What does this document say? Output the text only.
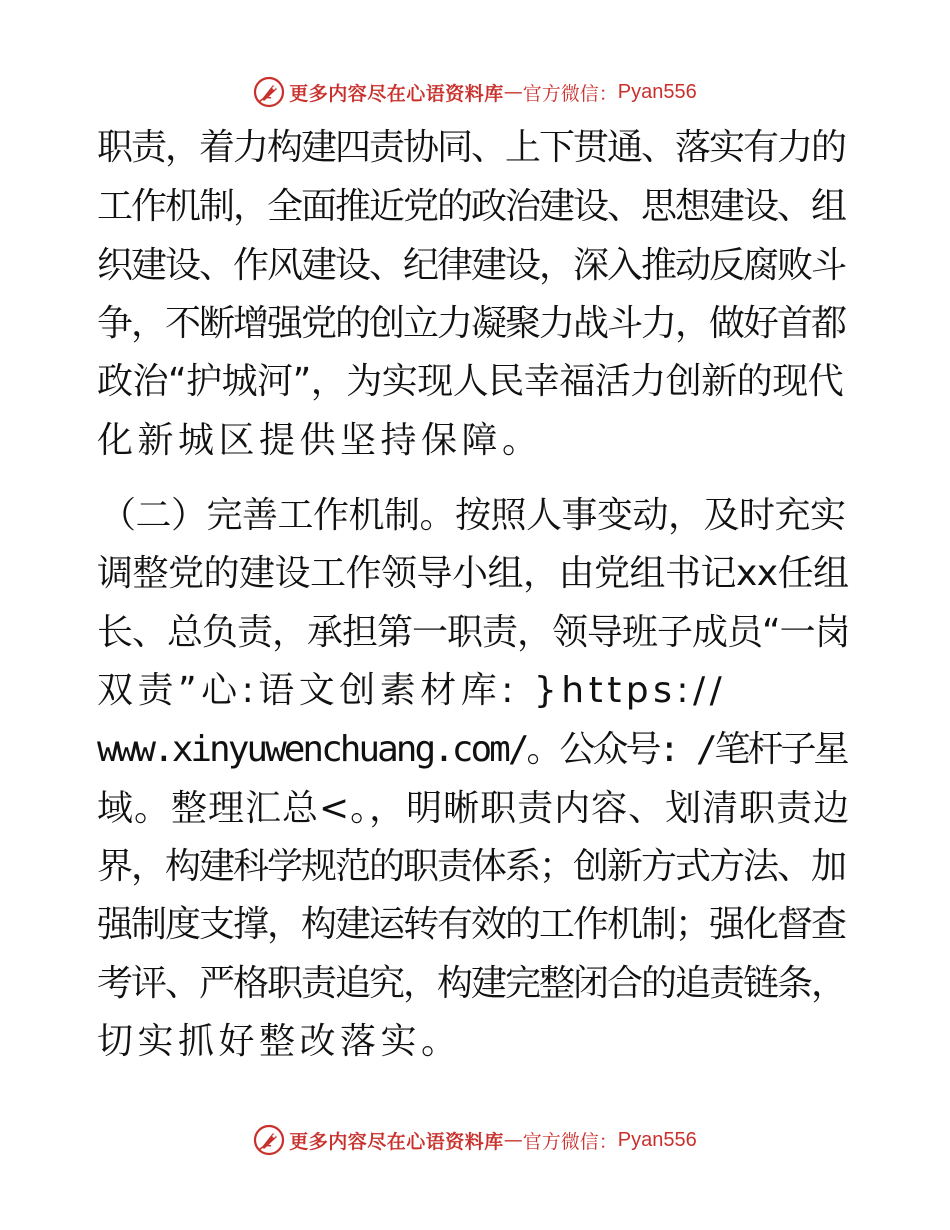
更多内容尽在心语资料库 — 官方微信： Pyan556
职责，着力构建四责协同、上下贯通、落实有力的
工作机制，全面推近党的政治建设、思想建设、组
织建设、作风建设、纪律建设，深入推动反腐败斗
争，不断增强党的创立力凝聚力战斗力，做好首都
政治“护城河”，为实现人民幸福活力创新的现代
化新城区提供坚持保障。
（二）完善工作机制。按照人事变动，及时充实
调整党的建设工作领导小组，由党组书记xx任组
长、总负责，承担第一职责，领导班子成员“一岗
双责”心:语文创素材库: }https://
www.xinyuwenchuang.com/。公众号: /笔杆子星
域。整理汇总<。，明晰职责内容、划清职责边
界，构建科学规范的职责体系；创新方式方法、加
强制度支撑，构建运转有效的工作机制；强化督查
考评、严格职责追究，构建完整闭合的追责链条，
切实抓好整改落实。
更多内容尽在心语资料库 — 官方微信： Pyan556
